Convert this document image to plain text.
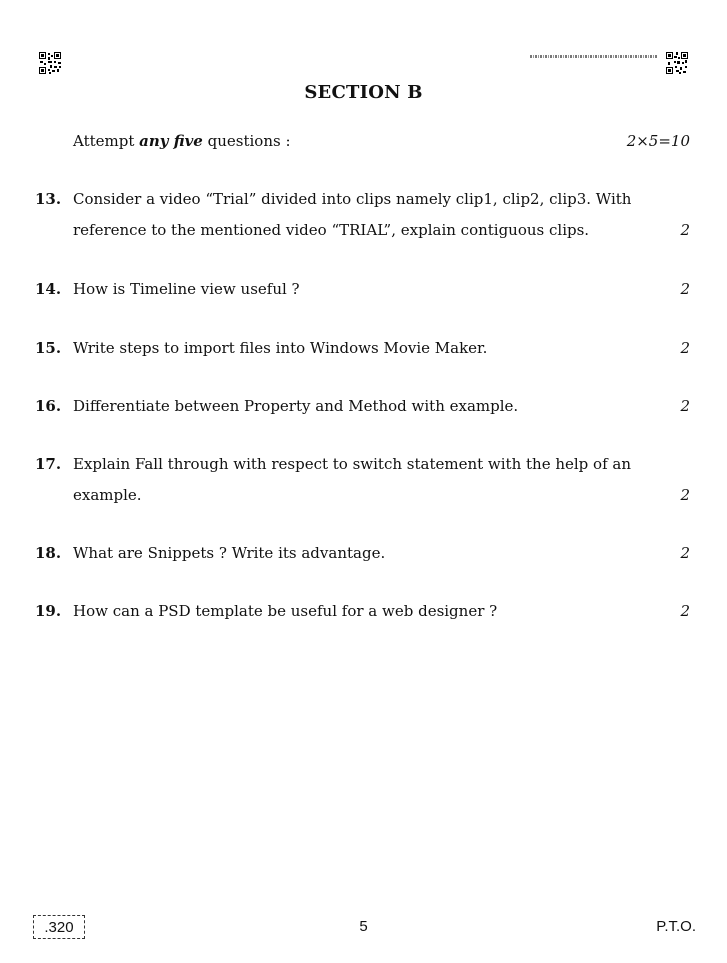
SECTION B
Attempt any five questions :	2×5=10
13. Consider a video “Trial” divided into clips namely clip1, clip2, clip3. With reference to the mentioned video “TRIAL”, explain contiguous clips.	2
14. How is Timeline view useful ?	2
15. Write steps to import files into Windows Movie Maker.	2
16. Differentiate between Property and Method with example.	2
17. Explain Fall through with respect to switch statement with the help of an example.	2
18. What are Snippets ? Write its advantage.	2
19. How can a PSD template be useful for a web designer ?	2
.320	5	P.T.O.
